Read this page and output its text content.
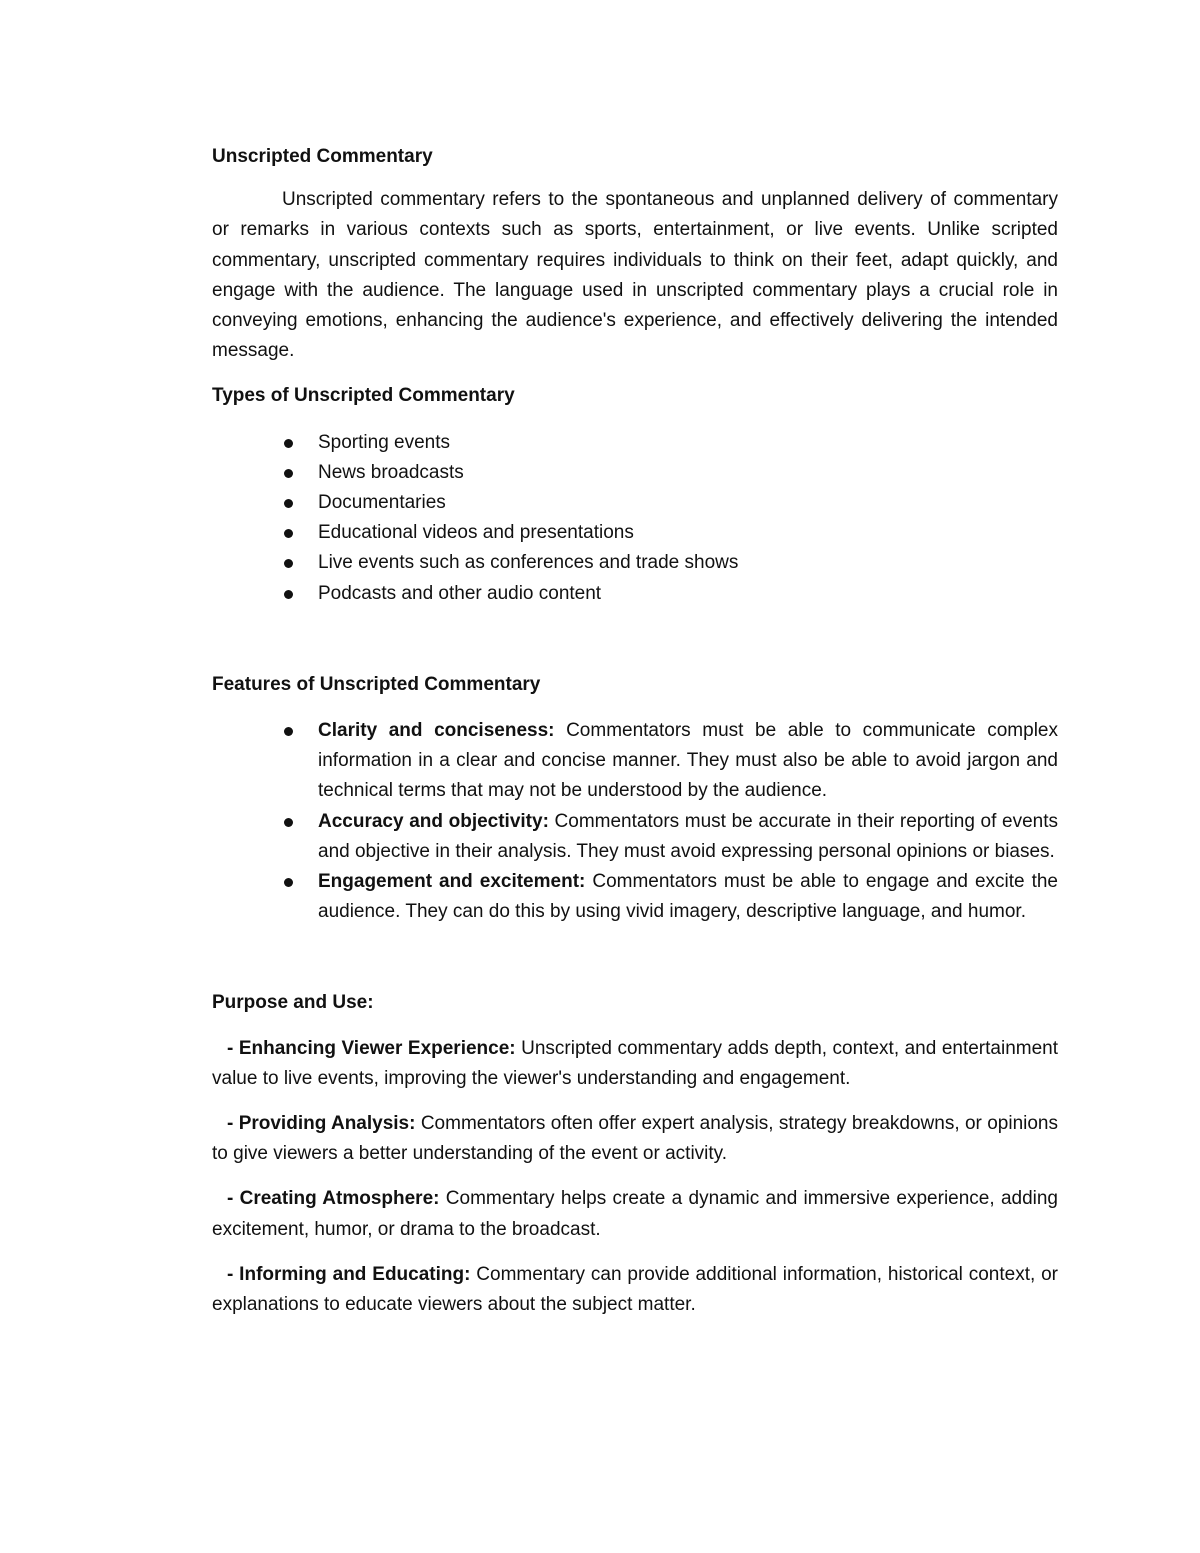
Unscripted Commentary

Unscripted commentary refers to the spontaneous and unplanned delivery of commentary or remarks in various contexts such as sports, entertainment, or live events. Unlike scripted commentary, unscripted commentary requires individuals to think on their feet, adapt quickly, and engage with the audience. The language used in unscripted commentary plays a crucial role in conveying emotions, enhancing the audience's experience, and effectively delivering the intended message.

Types of Unscripted Commentary

Sporting events
News broadcasts
Documentaries
Educational videos and presentations
Live events such as conferences and trade shows
Podcasts and other audio content

Features of Unscripted Commentary

Clarity and conciseness: Commentators must be able to communicate complex information in a clear and concise manner. They must also be able to avoid jargon and technical terms that may not be understood by the audience.
Accuracy and objectivity: Commentators must be accurate in their reporting of events and objective in their analysis. They must avoid expressing personal opinions or biases.
Engagement and excitement: Commentators must be able to engage and excite the audience. They can do this by using vivid imagery, descriptive language, and humor.

Purpose and Use:

- Enhancing Viewer Experience: Unscripted commentary adds depth, context, and entertainment value to live events, improving the viewer's understanding and engagement.

- Providing Analysis: Commentators often offer expert analysis, strategy breakdowns, or opinions to give viewers a better understanding of the event or activity.

- Creating Atmosphere: Commentary helps create a dynamic and immersive experience, adding excitement, humor, or drama to the broadcast.

- Informing and Educating: Commentary can provide additional information, historical context, or explanations to educate viewers about the subject matter.
